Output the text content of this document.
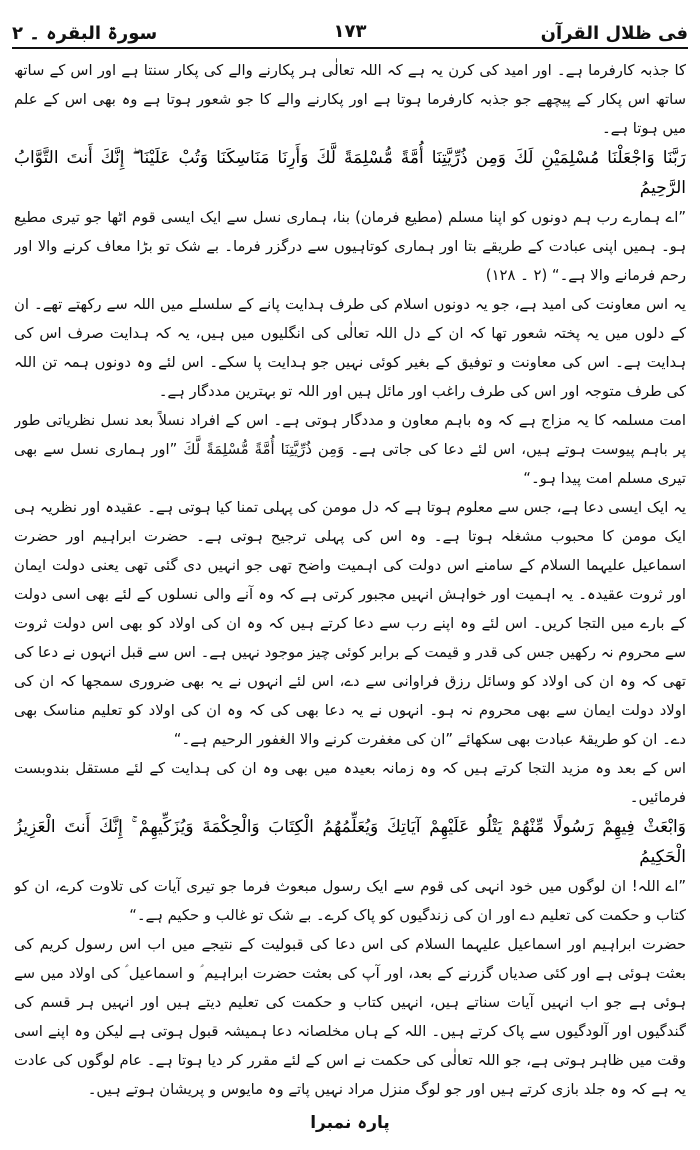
فی ظلال القرآن
۱۷۳
سورۃ البقرہ ۔ ۲

کا جذبہ کارفرما ہے۔ اور امید کی کرن یہ ہے کہ اللہ تعالٰی ہر پکارنے والے کی پکار سنتا ہے اور اس کے ساتھ ساتھ اس پکار کے پیچھے جو جذبہ کارفرما ہوتا ہے اور پکارنے والے کا جو شعور ہوتا ہے وہ بھی اس کے علم میں ہوتا ہے۔

رَبَّنَا وَاجْعَلْنَا مُسْلِمَيْنِ لَكَ وَمِن ذُرِّيَّتِنَا أُمَّةً مُّسْلِمَةً لَّكَ وَأَرِنَا مَنَاسِكَنَا وَتُبْ عَلَيْنَا ۖ إِنَّكَ أَنتَ التَّوَّابُ الرَّحِيمُ

”اے ہمارے رب ہم دونوں کو اپنا مسلم (مطیع فرمان) بنا، ہماری نسل سے ایک ایسی قوم اٹھا جو تیری مطیع ہو۔ ہمیں اپنی عبادت کے طریقے بتا اور ہماری کوتاہیوں سے درگزر فرما۔ بے شک تو بڑا معاف کرنے والا اور رحم فرمانے والا ہے۔“ (۲ ۔ ۱۲۸)

یہ اس معاونت کی امید ہے، جو یہ دونوں اسلام کی طرف ہدایت پانے کے سلسلے میں اللہ سے رکھتے تھے۔ ان کے دلوں میں یہ پختہ شعور تھا کہ ان کے دل اللہ تعالٰی کی انگلیوں میں ہیں، یہ کہ ہدایت صرف اس کی ہدایت ہے۔ اس کی معاونت و توفیق کے بغیر کوئی نہیں جو ہدایت پا سکے۔ اس لئے وہ دونوں ہمہ تن اللہ کی طرف متوجہ اور اس کی طرف راغب اور مائل ہیں اور اللہ تو بہترین مددگار ہے۔

امت مسلمہ کا یہ مزاج ہے کہ وہ باہم معاون و مددگار ہوتی ہے۔ اس کے افراد نسلاً بعد نسل نظریاتی طور پر باہم پیوست ہوتے ہیں، اس لئے دعا کی جاتی ہے۔ وَمِن ذُرِّيَّتِنَا أُمَّةً مُّسْلِمَةً لَّكَ ”اور ہماری نسل سے بھی تیری مسلم امت پیدا ہو۔“

یہ ایک ایسی دعا ہے، جس سے معلوم ہوتا ہے کہ دل مومن کی پہلی تمنا کیا ہوتی ہے۔ عقیدہ اور نظریہ ہی ایک مومن کا محبوب مشغلہ ہوتا ہے۔ وہ اس کی پہلی ترجیح ہوتی ہے۔ حضرت ابراہیم اور حضرت اسماعیل علیہما السلام کے سامنے اس دولت کی اہمیت واضح تھی جو انہیں دی گئی تھی یعنی دولت ایمان اور ثروت عقیدہ۔ یہ اہمیت اور خواہش انہیں مجبور کرتی ہے کہ وہ آنے والی نسلوں کے لئے بھی اسی دولت کے بارے میں التجا کریں۔ اس لئے وہ اپنے رب سے دعا کرتے ہیں کہ وہ ان کی اولاد کو بھی اس دولت ثروت سے محروم نہ رکھیں جس کی قدر و قیمت کے برابر کوئی چیز موجود نہیں ہے۔ اس سے قبل انہوں نے دعا کی تھی کہ وہ ان کی اولاد کو وسائل رزق فراوانی سے دے، اس لئے انہوں نے یہ بھی ضروری سمجھا کہ ان کی اولاد دولت ایمان سے بھی محروم نہ ہو۔ انہوں نے یہ دعا بھی کی کہ وہ ان کی اولاد کو تعلیم مناسک بھی دے۔ ان کو طریقۂ عبادت بھی سکھائے ”ان کی مغفرت کرنے والا الغفور الرحیم ہے۔“

اس کے بعد وہ مزید التجا کرتے ہیں کہ وہ زمانہ بعیدہ میں بھی وہ ان کی ہدایت کے لئے مستقل بندوبست فرمائیں۔

وَابْعَثْ فِيهِمْ رَسُولًا مِّنْهُمْ يَتْلُو عَلَيْهِمْ آيَاتِكَ وَيُعَلِّمُهُمُ الْكِتَابَ وَالْحِكْمَةَ وَيُزَكِّيهِمْ ۚ إِنَّكَ أَنتَ الْعَزِيزُ الْحَكِيمُ

”اے اللہ! ان لوگوں میں خود انہی کی قوم سے ایک رسول مبعوث فرما جو تیری آیات کی تلاوت کرے، ان کو کتاب و حکمت کی تعلیم دے اور ان کی زندگیوں کو پاک کرے۔ بے شک تو غالب و حکیم ہے۔“

حضرت ابراہیم اور اسماعیل علیہما السلام کی اس دعا کی قبولیت کے نتیجے میں اب اس رسول کریم کی بعثت ہوئی ہے اور کئی صدیاں گزرنے کے بعد، اور آپ کی بعثت حضرت ابراہیم ؑ و اسماعیل ؑ کی اولاد میں سے ہوئی ہے جو اب انہیں آیات سناتے ہیں، انہیں کتاب و حکمت کی تعلیم دیتے ہیں اور انہیں ہر قسم کی گندگیوں اور آلودگیوں سے پاک کرتے ہیں۔ اللہ کے ہاں مخلصانہ دعا ہمیشہ قبول ہوتی ہے لیکن وہ اپنے اسی وقت میں ظاہر ہوتی ہے، جو اللہ تعالٰی کی حکمت نے اس کے لئے مقرر کر دیا ہوتا ہے۔ عام لوگوں کی عادت یہ ہے کہ وہ جلد بازی کرتے ہیں اور جو لوگ منزل مراد نہیں پاتے وہ مایوس و پریشان ہوتے ہیں۔

پارہ نمبرا
